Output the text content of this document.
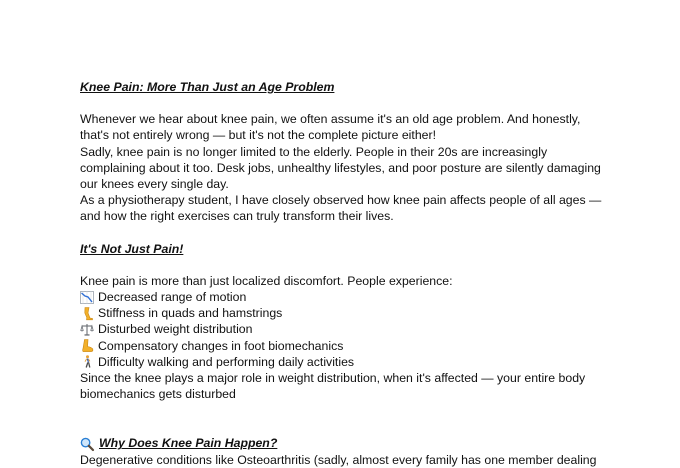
Knee Pain: More Than Just an Age Problem

Whenever we hear about knee pain, we often assume it's an old age problem. And honestly,

that's not entirely wrong — but it's not the complete picture either!

Sadly, knee pain is no longer limited to the elderly. People in their 20s are increasingly

complaining about it too. Desk jobs, unhealthy lifestyles, and poor posture are silently damaging

our knees every single day.

As a physiotherapy student, I have closely observed how knee pain affects people of all ages —

and how the right exercises can truly transform their lives.

It's Not Just Pain!

Knee pain is more than just localized discomfort. People experience:

Decreased range of motion
Stiffness in quads and hamstrings
Disturbed weight distribution
Compensatory changes in foot biomechanics
Difficulty walking and performing daily activities

Since the knee plays a major role in weight distribution, when it's affected — your entire body

biomechanics gets disturbed

Why Does Knee Pain Happen?

Degenerative conditions like Osteoarthritis (sadly, almost every family has one member dealing
